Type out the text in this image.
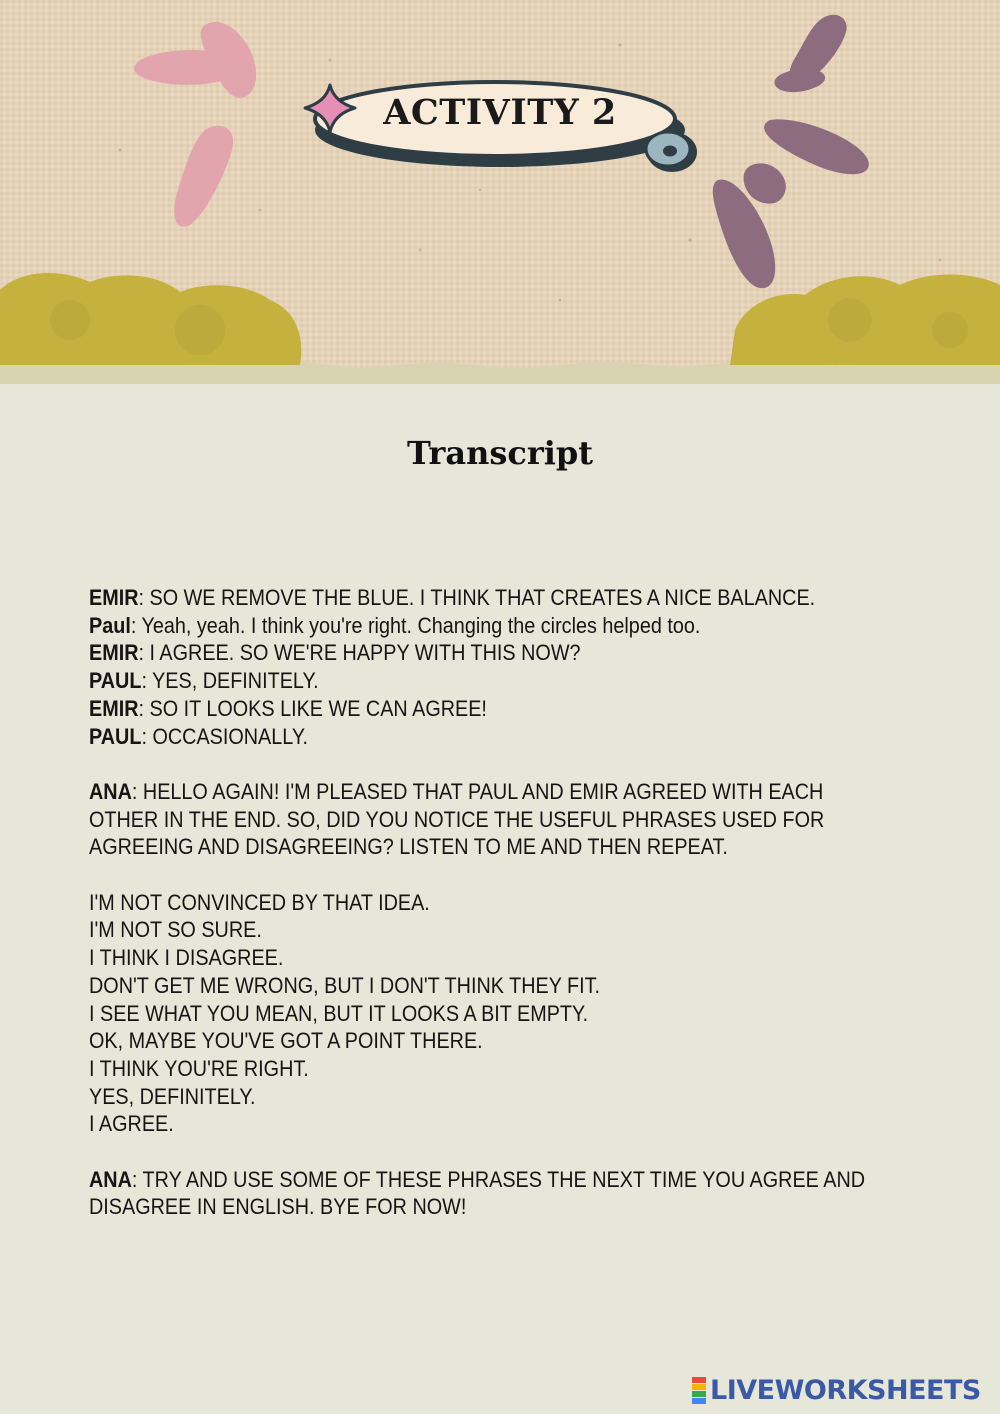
ACTIVITY 2
Transcript
EMIR: SO WE REMOVE THE BLUE. I THINK THAT CREATES A NICE BALANCE.
Paul: Yeah, yeah. I think you're right. Changing the circles helped too.
EMIR: I AGREE. SO WE'RE HAPPY WITH THIS NOW?
PAUL: YES, DEFINITELY.
EMIR: SO IT LOOKS LIKE WE CAN AGREE!
PAUL: OCCASIONALLY.
ANA: HELLO AGAIN! I'M PLEASED THAT PAUL AND EMIR AGREED WITH EACH
OTHER IN THE END. SO, DID YOU NOTICE THE USEFUL PHRASES USED FOR
AGREEING AND DISAGREEING? LISTEN TO ME AND THEN REPEAT.
I'M NOT CONVINCED BY THAT IDEA.
I'M NOT SO SURE.
I THINK I DISAGREE.
DON'T GET ME WRONG, BUT I DON'T THINK THEY FIT.
I SEE WHAT YOU MEAN, BUT IT LOOKS A BIT EMPTY.
OK, MAYBE YOU'VE GOT A POINT THERE.
I THINK YOU'RE RIGHT.
YES, DEFINITELY.
I AGREE.
ANA: TRY AND USE SOME OF THESE PHRASES THE NEXT TIME YOU AGREE AND
DISAGREE IN ENGLISH. BYE FOR NOW!
LIVEWORKSHEETS
